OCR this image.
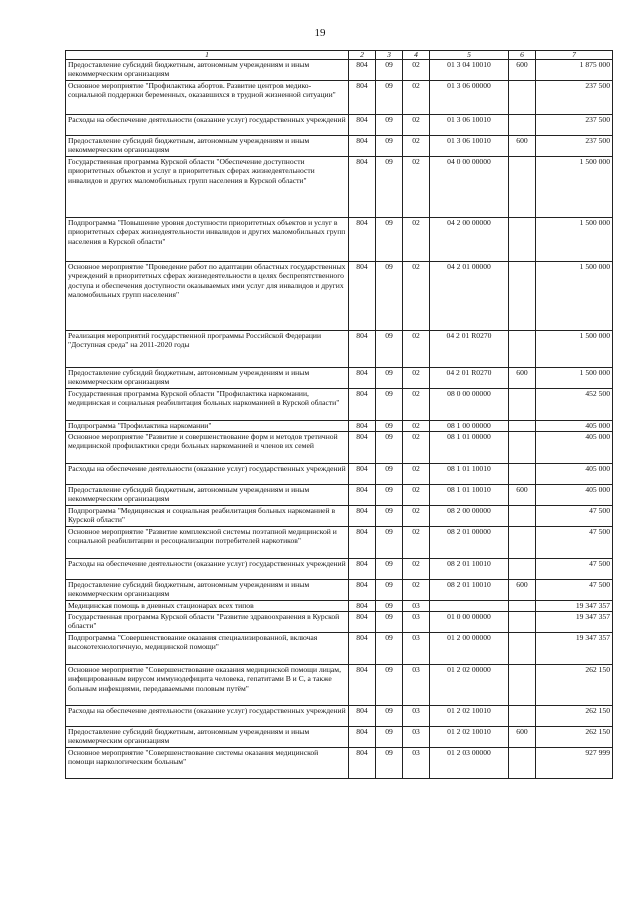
19
1	2	3	4	5	6	7
Предоставление субсидий бюджетным, автономным учреждениям и иным некоммерческим организациям	804	09	02	01 3 04 10010	600	1 875 000
Основное мероприятие "Профилактика абортов. Развитие центров медико-социальной поддержки беременных, оказавшихся в трудной жизненной ситуации"	804	09	02	01 3 06 00000		237 500
Расходы на обеспечение деятельности (оказание услуг) государственных учреждений	804	09	02	01 3 06 10010		237 500
Предоставление субсидий бюджетным, автономным учреждениям и иным некоммерческим организациям	804	09	02	01 3 06 10010	600	237 500
Государственная программа Курской области "Обеспечение доступности приоритетных объектов и услуг в приоритетных сферах жизнедеятельности инвалидов и других маломобильных групп населения в Курской области"	804	09	02	04 0 00 00000		1 500 000
Подпрограмма "Повышение уровня доступности приоритетных объектов и услуг в приоритетных сферах жизнедеятельности инвалидов и других маломобильных групп населения в Курской области"	804	09	02	04 2 00 00000		1 500 000
Основное мероприятие "Проведение работ по адаптации областных государственных учреждений в приоритетных сферах жизнедеятельности в целях беспрепятственного доступа и обеспечения доступности оказываемых ими услуг для инвалидов и других маломобильных групп населения"	804	09	02	04 2 01 00000		1 500 000
Реализация мероприятий государственной программы Российской Федерации "Доступная среда" на 2011-2020 годы	804	09	02	04 2 01 R0270		1 500 000
Предоставление субсидий бюджетным, автономным учреждениям и иным некоммерческим организациям	804	09	02	04 2 01 R0270	600	1 500 000
Государственная программа Курской области "Профилактика наркомании, медицинская и социальная реабилитация больных наркоманией в Курской области"	804	09	02	08 0 00 00000		452 500
Подпрограмма "Профилактика наркомании"	804	09	02	08 1 00 00000		405 000
Основное мероприятие "Развитие и совершенствование форм и методов третичной медицинской профилактики среди больных наркоманией и членов их семей	804	09	02	08 1 01 00000		405 000
Расходы на обеспечение деятельности (оказание услуг) государственных учреждений	804	09	02	08 1 01 10010		405 000
Предоставление субсидий бюджетным, автономным учреждениям и иным некоммерческим организациям	804	09	02	08 1 01 10010	600	405 000
Подпрограмма "Медицинская и социальная реабилитация больных наркоманией в Курской области"	804	09	02	08 2 00 00000		47 500
Основное мероприятие "Развитие комплексной системы поэтапной медицинской и социальной реабилитации и ресоциализации потребителей наркотиков"	804	09	02	08 2 01 00000		47 500
Расходы на обеспечение деятельности (оказание услуг) государственных учреждений	804	09	02	08 2 01 10010		47 500
Предоставление субсидий бюджетным, автономным учреждениям и иным некоммерческим организациям	804	09	02	08 2 01 10010	600	47 500
Медицинская помощь в дневных стационарах всех типов	804	09	03			19 347 357
Государственная программа Курской области "Развитие здравоохранения в Курской области"	804	09	03	01 0 00 00000		19 347 357
Подпрограмма "Совершенствование оказания специализированной, включая высокотехнологичную, медицинской помощи"	804	09	03	01 2 00 00000		19 347 357
Основное мероприятие "Совершенствование оказания медицинской помощи лицам, инфицированным вирусом иммунодефицита человека, гепатитами В и С, а также больным инфекциями, передаваемыми половым путём"	804	09	03	01 2 02 00000		262 150
Расходы на обеспечение деятельности (оказание услуг) государственных учреждений	804	09	03	01 2 02 10010		262 150
Предоставление субсидий бюджетным, автономным учреждениям и иным некоммерческим организациям	804	09	03	01 2 02 10010	600	262 150
Основное мероприятие "Совершенствование системы оказания медицинской помощи наркологическим больным"	804	09	03	01 2 03 00000		927 999
